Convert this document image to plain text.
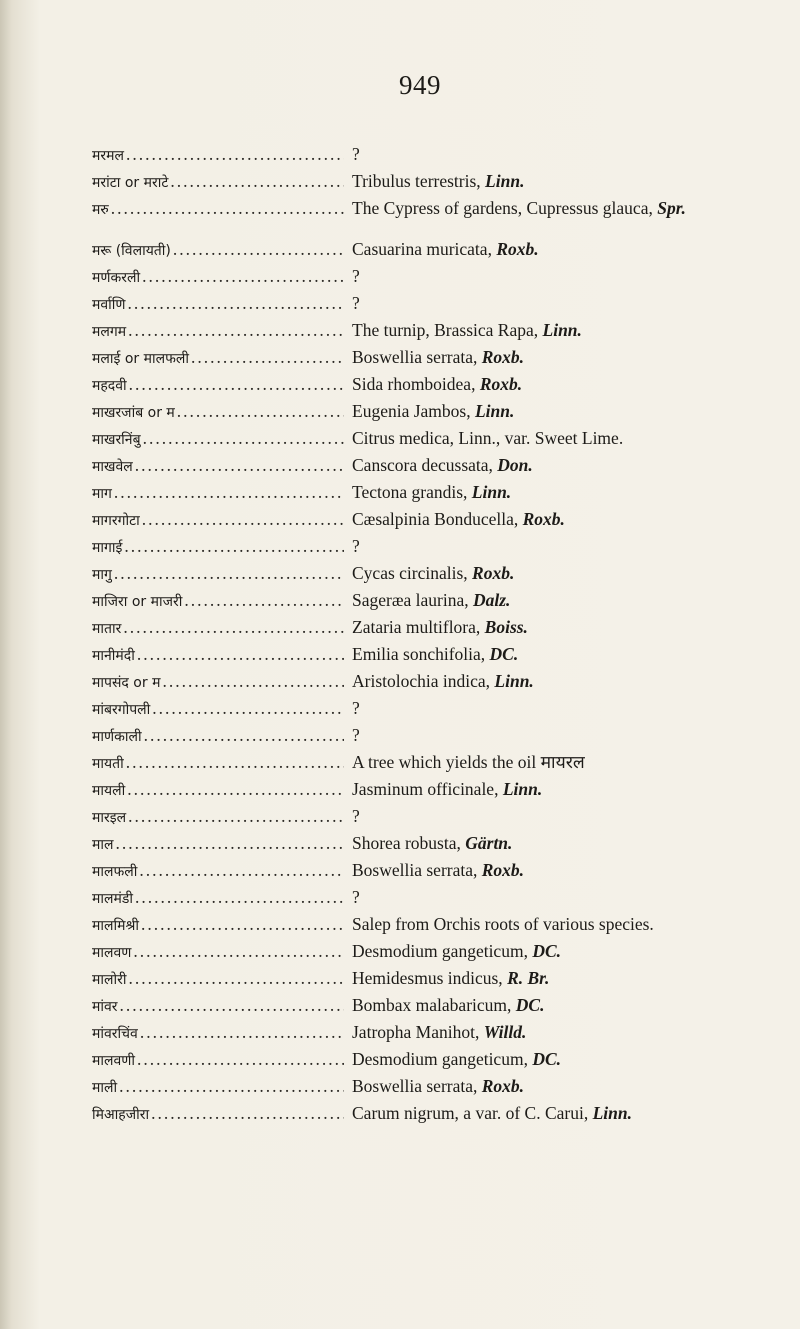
949
मरमल .....	?
मरांटा or मराटे .....	Tribulus terrestris, Linn.
मरु .....	The Cypress of gardens, Cupressus glauca, Spr.
मरू (विलायती) .....	Casuarina muricata, Roxb.
मर्णकरली .....	?
मर्वाणि .....	?
मलगम .....	The turnip, Brassica Rapa, Linn.
मलाई or मालफली .....	Boswellia serrata, Roxb.
महदवी .....	Sida rhomboidea, Roxb.
माखरजांब or म .....	Eugenia Jambos, Linn.
माखरनिंबु .....	Citrus medica, Linn., var. Sweet Lime.
माखवेल .....	Canscora decussata, Don.
माग .....	Tectona grandis, Linn.
मागरगोटा .....	Cæsalpinia Bonducella, Roxb.
मागाई .....	?
मागु .....	Cycas circinalis, Roxb.
माजिरा or माजरी .....	Sageræa laurina, Dalz.
मातार .....	Zataria multiflora, Boiss.
मानीमंदी .....	Emilia sonchifolia, DC.
मापसंद or म .....	Aristolochia indica, Linn.
मांबरगोपली .....	?
मार्णकाली .....	?
मायती .....	A tree which yields the oil मायरल
मायली .....	Jasminum officinale, Linn.
मारइल .....	?
माल .....	Shorea robusta, Gärtn.
मालफली .....	Boswellia serrata, Roxb.
मालमंडी .....	?
मालमिश्री .....	Salep from Orchis roots of various species.
मालवण .....	Desmodium gangeticum, DC.
मालोरी .....	Hemidesmus indicus, R. Br.
मांवर .....	Bombax malabaricum, DC.
मांवरचिंव .....	Jatropha Manihot, Willd.
मालवणी .....	Desmodium gangeticum, DC.
माली .....	Boswellia serrata, Roxb.
मिआहजीरा .....	Carum nigrum, a var. of C. Carui, Linn.
